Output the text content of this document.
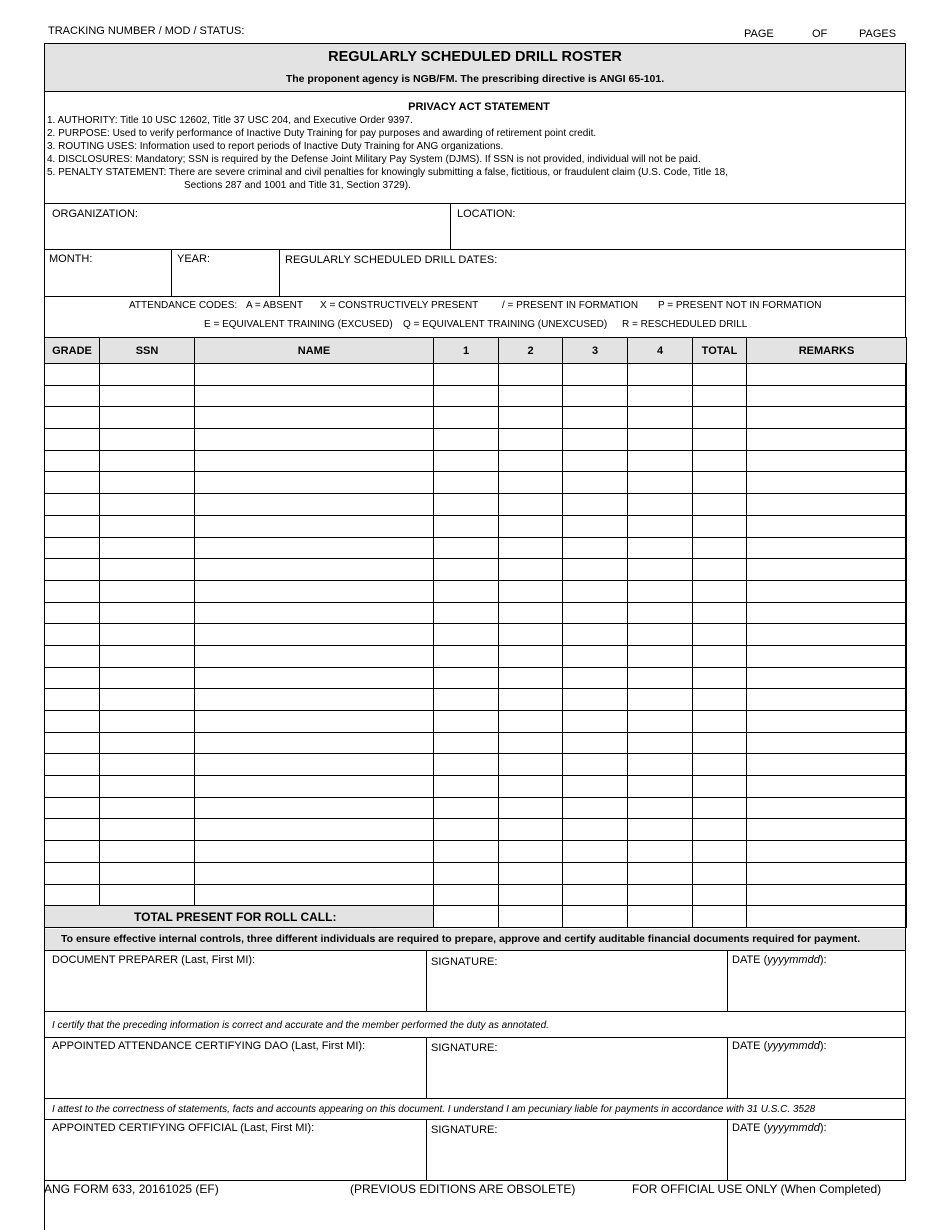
TRACKING NUMBER / MOD / STATUS:	PAGE	OF	PAGES
REGULARLY SCHEDULED DRILL ROSTER
The proponent agency is NGB/FM. The prescribing directive is ANGI 65-101.
PRIVACY ACT STATEMENT

1. AUTHORITY: Title 10 USC 12602, Title 37 USC 204, and Executive Order 9397.

2. PURPOSE: Used to verify performance of Inactive Duty Training for pay purposes and awarding of retirement point credit.

3. ROUTING USES: Information used to report periods of Inactive Duty Training for ANG organizations.

4. DISCLOSURES: Mandatory; SSN is required by the Defense Joint Military Pay System (DJMS). If SSN is not provided, individual will not be paid.

5. PENALTY STATEMENT: There are severe criminal and civil penalties for knowingly submitting a false, fictitious, or fraudulent claim (U.S. Code, Title 18,

Sections 287 and 1001 and Title 31, Section 3729).

ORGANIZATION:	LOCATION:
MONTH:	YEAR:	REGULARLY SCHEDULED DRILL DATES:
ATTENDANCE CODES: A = ABSENT X = CONSTRUCTIVELY PRESENT / = PRESENT IN FORMATION P = PRESENT NOT IN FORMATION
E = EQUIVALENT TRAINING (EXCUSED) Q = EQUIVALENT TRAINING (UNEXCUSED) R = RESCHEDULED DRILL
GRADE	SSN	NAME	1	2	3	4	TOTAL	REMARKS

TOTAL PRESENT FOR ROLL CALL:								
To ensure effective internal controls, three different individuals are required to prepare, approve and certify auditable financial documents required for payment.
DOCUMENT PREPARER (Last, First MI):	SIGNATURE:	DATE (yyyymmdd):
I certify that the preceding information is correct and accurate and the member performed the duty as annotated.
APPOINTED ATTENDANCE CERTIFYING DAO (Last, First MI):	SIGNATURE:	DATE (yyyymmdd):
I attest to the correctness of statements, facts and accounts appearing on this document. I understand I am pecuniary liable for payments in accordance with 31 U.S.C. 3528
APPOINTED CERTIFYING OFFICIAL (Last, First MI):	SIGNATURE:	DATE (yyyymmdd):
ANG FORM 633, 20161025 (EF)	(PREVIOUS EDITIONS ARE OBSOLETE)	FOR OFFICIAL USE ONLY (When Completed)
